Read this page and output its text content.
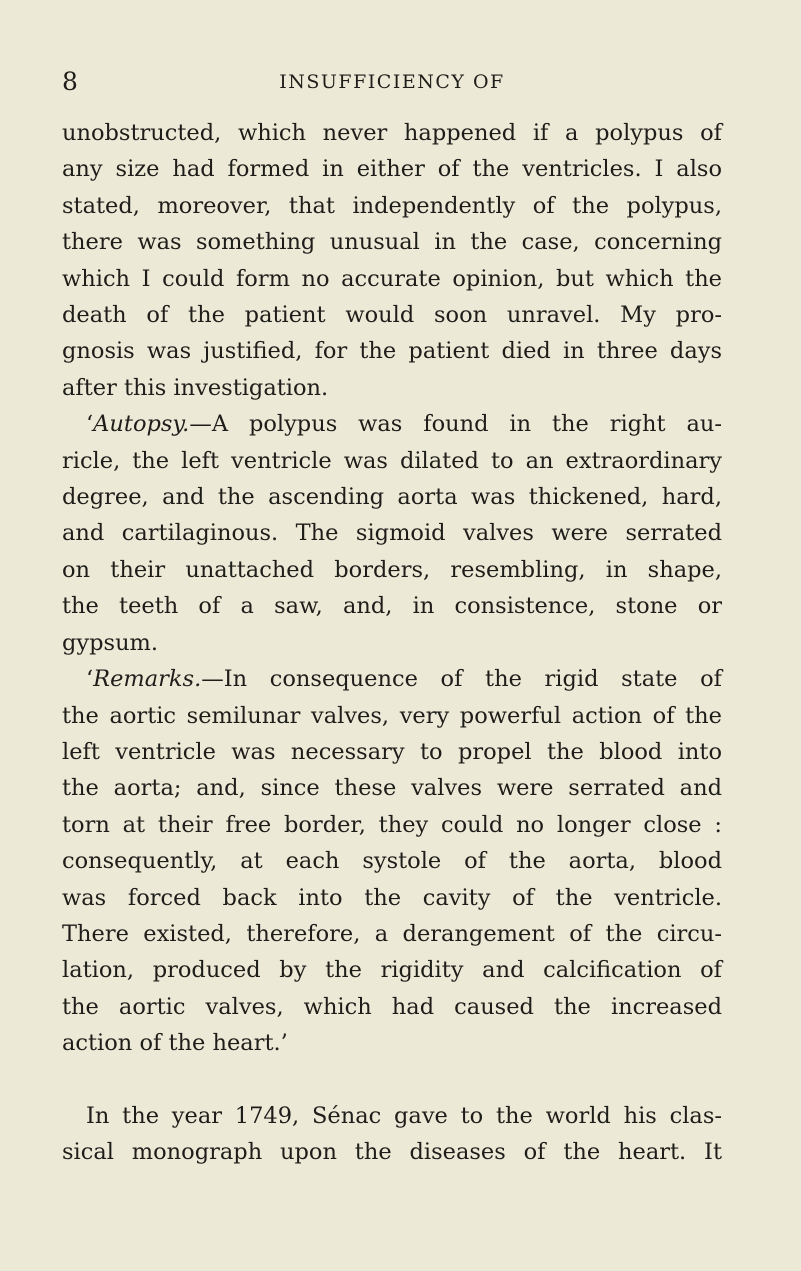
8	INSUFFICIENCY OF
unobstructed, which never happened if a polypus of
any size had formed in either of the ventricles. I also
stated, moreover, that independently of the polypus,
there was something unusual in the case, concerning
which I could form no accurate opinion, but which the
death of the patient would soon unravel. My pro-
gnosis was justified, for the patient died in three days
after this investigation.
‘Autopsy.—A polypus was found in the right au-
ricle, the left ventricle was dilated to an extraordinary
degree, and the ascending aorta was thickened, hard,
and cartilaginous. The sigmoid valves were serrated
on their unattached borders, resembling, in shape,
the teeth of a saw, and, in consistence, stone or
gypsum.
‘Remarks.—In consequence of the rigid state of
the aortic semilunar valves, very powerful action of the
left ventricle was necessary to propel the blood into
the aorta; and, since these valves were serrated and
torn at their free border, they could no longer close :
consequently, at each systole of the aorta, blood
was forced back into the cavity of the ventricle.
There existed, therefore, a derangement of the circu-
lation, produced by the rigidity and calcification of
the aortic valves, which had caused the increased
action of the heart.’
In the year 1749, Sénac gave to the world his clas-
sical monograph upon the diseases of the heart. It
